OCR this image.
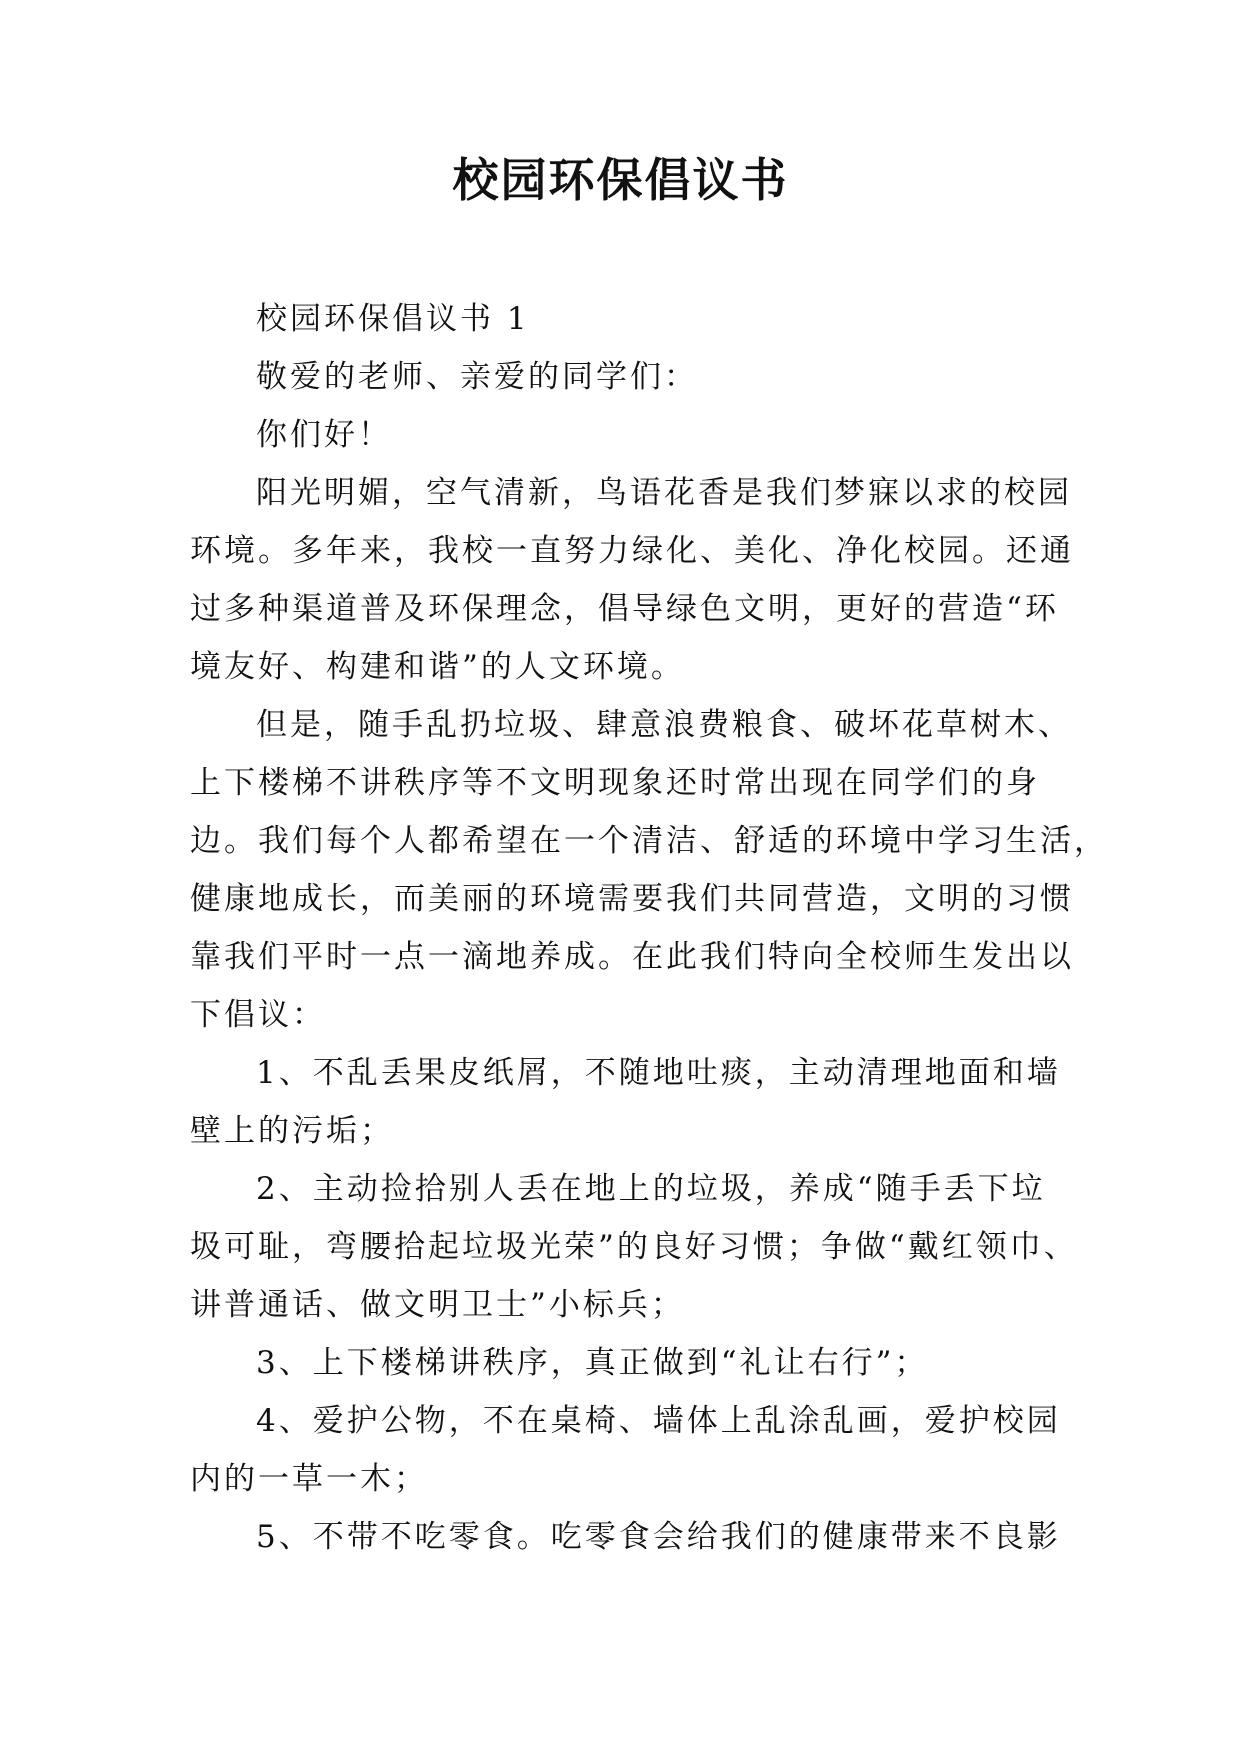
校园环保倡议书
校园环保倡议书 1
敬爱的老师、亲爱的同学们：
你们好！
阳光明媚，空气清新，鸟语花香是我们梦寐以求的校园
环境。多年来，我校一直努力绿化、美化、净化校园。还通
过多种渠道普及环保理念，倡导绿色文明，更好的营造“环
境友好、构建和谐”的人文环境。
但是，随手乱扔垃圾、肆意浪费粮食、破坏花草树木、
上下楼梯不讲秩序等不文明现象还时常出现在同学们的身
边。我们每个人都希望在一个清洁、舒适的环境中学习生活，
健康地成长，而美丽的环境需要我们共同营造，文明的习惯
靠我们平时一点一滴地养成。在此我们特向全校师生发出以
下倡议：
1、不乱丢果皮纸屑，不随地吐痰，主动清理地面和墙
壁上的污垢；
2、主动捡拾别人丢在地上的垃圾，养成“随手丢下垃
圾可耻，弯腰拾起垃圾光荣”的良好习惯；争做“戴红领巾、
讲普通话、做文明卫士”小标兵；
3、上下楼梯讲秩序，真正做到“礼让右行”；
4、爱护公物，不在桌椅、墙体上乱涂乱画，爱护校园
内的一草一木；
5、不带不吃零食。吃零食会给我们的健康带来不良影
